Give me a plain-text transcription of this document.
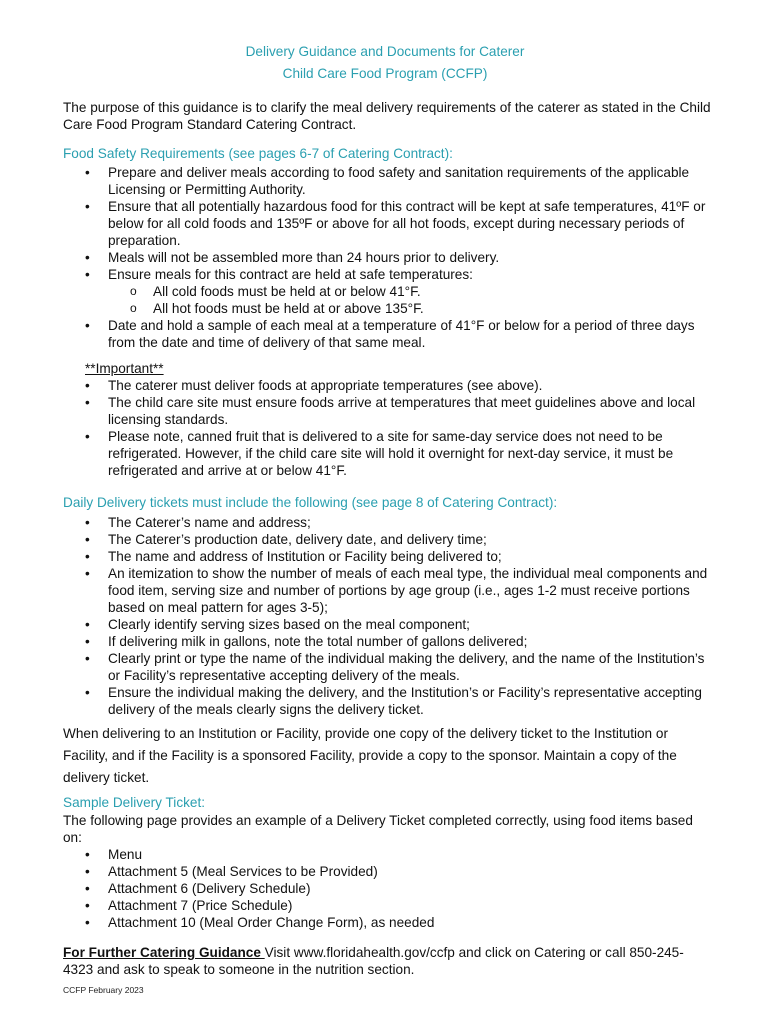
Delivery Guidance and Documents for Caterer
Child Care Food Program (CCFP)
The purpose of this guidance is to clarify the meal delivery requirements of the caterer as stated in the Child Care Food Program Standard Catering Contract.
Food Safety Requirements (see pages 6-7 of Catering Contract):
• Prepare and deliver meals according to food safety and sanitation requirements of the applicable Licensing or Permitting Authority.
• Ensure that all potentially hazardous food for this contract will be kept at safe temperatures, 41ºF or below for all cold foods and 135ºF or above for all hot foods, except during necessary periods of preparation.
• Meals will not be assembled more than 24 hours prior to delivery.
• Ensure meals for this contract are held at safe temperatures:
o All cold foods must be held at or below 41°F.
o All hot foods must be held at or above 135°F.
• Date and hold a sample of each meal at a temperature of 41°F or below for a period of three days from the date and time of delivery of that same meal.
**Important**
• The caterer must deliver foods at appropriate temperatures (see above).
• The child care site must ensure foods arrive at temperatures that meet guidelines above and local licensing standards.
• Please note, canned fruit that is delivered to a site for same-day service does not need to be refrigerated. However, if the child care site will hold it overnight for next-day service, it must be refrigerated and arrive at or below 41°F.
Daily Delivery tickets must include the following (see page 8 of Catering Contract):
• The Caterer’s name and address;
• The Caterer’s production date, delivery date, and delivery time;
• The name and address of Institution or Facility being delivered to;
• An itemization to show the number of meals of each meal type, the individual meal components and food item, serving size and number of portions by age group (i.e., ages 1-2 must receive portions based on meal pattern for ages 3-5);
• Clearly identify serving sizes based on the meal component;
• If delivering milk in gallons, note the total number of gallons delivered;
• Clearly print or type the name of the individual making the delivery, and the name of the Institution’s or Facility’s representative accepting delivery of the meals.
• Ensure the individual making the delivery, and the Institution’s or Facility’s representative accepting delivery of the meals clearly signs the delivery ticket.
When delivering to an Institution or Facility, provide one copy of the delivery ticket to the Institution or Facility, and if the Facility is a sponsored Facility, provide a copy to the sponsor. Maintain a copy of the delivery ticket.
Sample Delivery Ticket:
The following page provides an example of a Delivery Ticket completed correctly, using food items based on:
• Menu
• Attachment 5 (Meal Services to be Provided)
• Attachment 6 (Delivery Schedule)
• Attachment 7 (Price Schedule)
• Attachment 10 (Meal Order Change Form), as needed
For Further Catering Guidance Visit www.floridahealth.gov/ccfp and click on Catering or call 850-245-4323 and ask to speak to someone in the nutrition section.
CCFP February 2023
